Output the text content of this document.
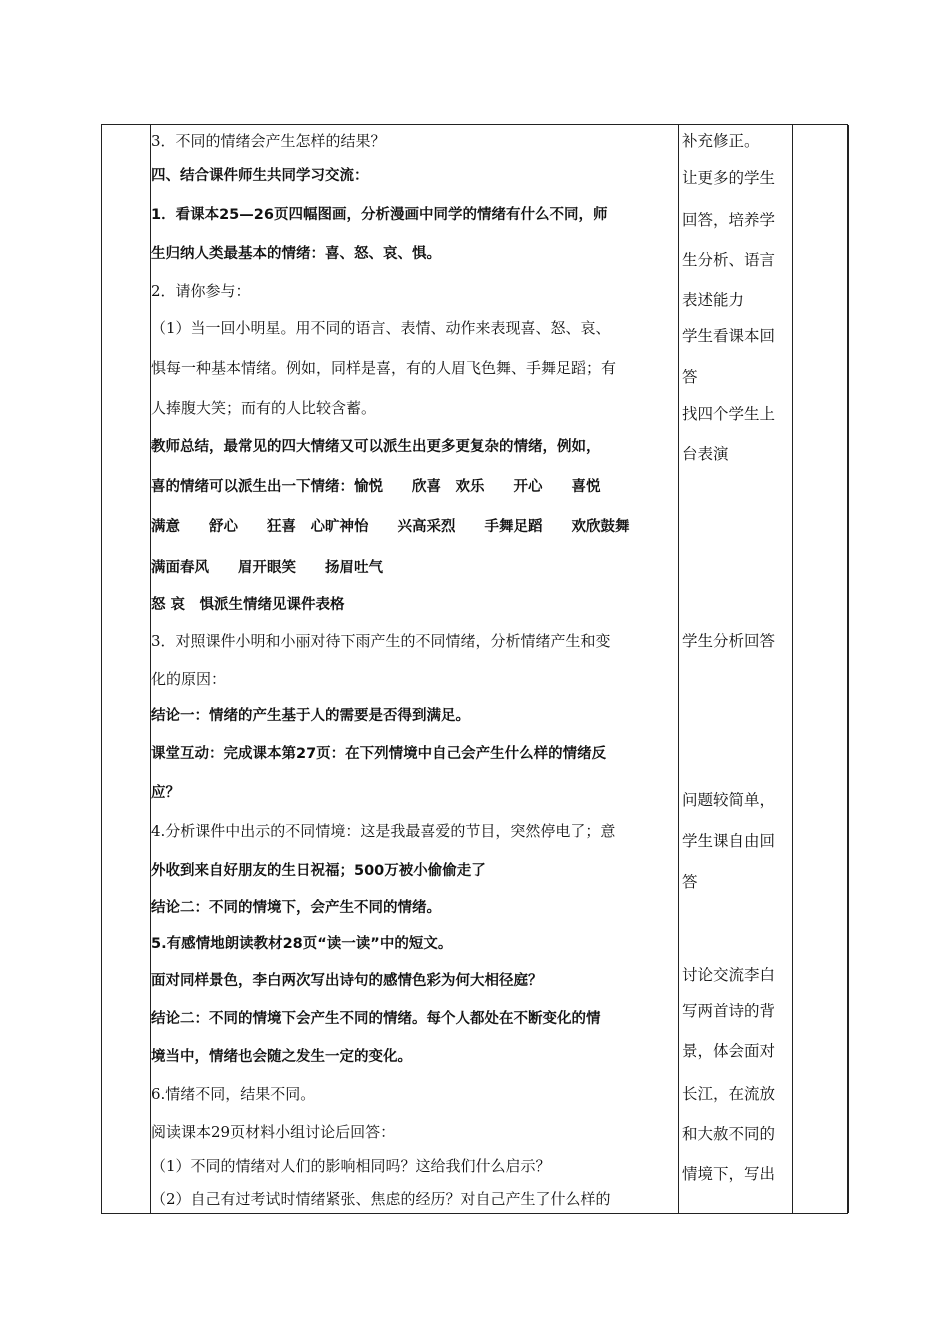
3．不同的情绪会产生怎样的结果？
四、结合课件师生共同学习交流：
1．看课本25—26页四幅图画，分析漫画中同学的情绪有什么不同，师
生归纳人类最基本的情绪：喜、怒、哀、惧。
2．请你参与：
（1）当一回小明星。用不同的语言、表情、动作来表现喜、怒、哀、
惧每一种基本情绪。例如，同样是喜，有的人眉飞色舞、手舞足蹈；有
人捧腹大笑；而有的人比较含蓄。
教师总结，最常见的四大情绪又可以派生出更多更复杂的情绪，例如，
喜的情绪可以派生出一下情绪：愉悦　　欣喜　欢乐　　开心　　喜悦
满意　　舒心　　狂喜　心旷神怡　　兴高采烈　　手舞足蹈　　欢欣鼓舞
满面春风　　眉开眼笑　　扬眉吐气
怒 哀　惧派生情绪见课件表格
3．对照课件小明和小丽对待下雨产生的不同情绪，分析情绪产生和变
化的原因：
结论一：情绪的产生基于人的需要是否得到满足。
课堂互动：完成课本第27页：在下列情境中自己会产生什么样的情绪反
应？
4.分析课件中出示的不同情境：这是我最喜爱的节目，突然停电了；意
外收到来自好朋友的生日祝福；500万被小偷偷走了
结论二：不同的情境下，会产生不同的情绪。
5.有感情地朗读教材28页“读一读”中的短文。
面对同样景色，李白两次写出诗句的感情色彩为何大相径庭？
结论二：不同的情境下会产生不同的情绪。每个人都处在不断变化的情
境当中，情绪也会随之发生一定的变化。
6.情绪不同，结果不同。
阅读课本29页材料小组讨论后回答：
（1）不同的情绪对人们的影响相同吗？这给我们什么启示？
（2）自己有过考试时情绪紧张、焦虑的经历？对自己产生了什么样的
补充修正。
让更多的学生
回答，培养学
生分析、语言
表述能力
学生看课本回
答
找四个学生上
台表演
学生分析回答
问题较简单，
学生课自由回
答
讨论交流李白
写两首诗的背
景，体会面对
长江，在流放
和大赦不同的
情境下，写出
